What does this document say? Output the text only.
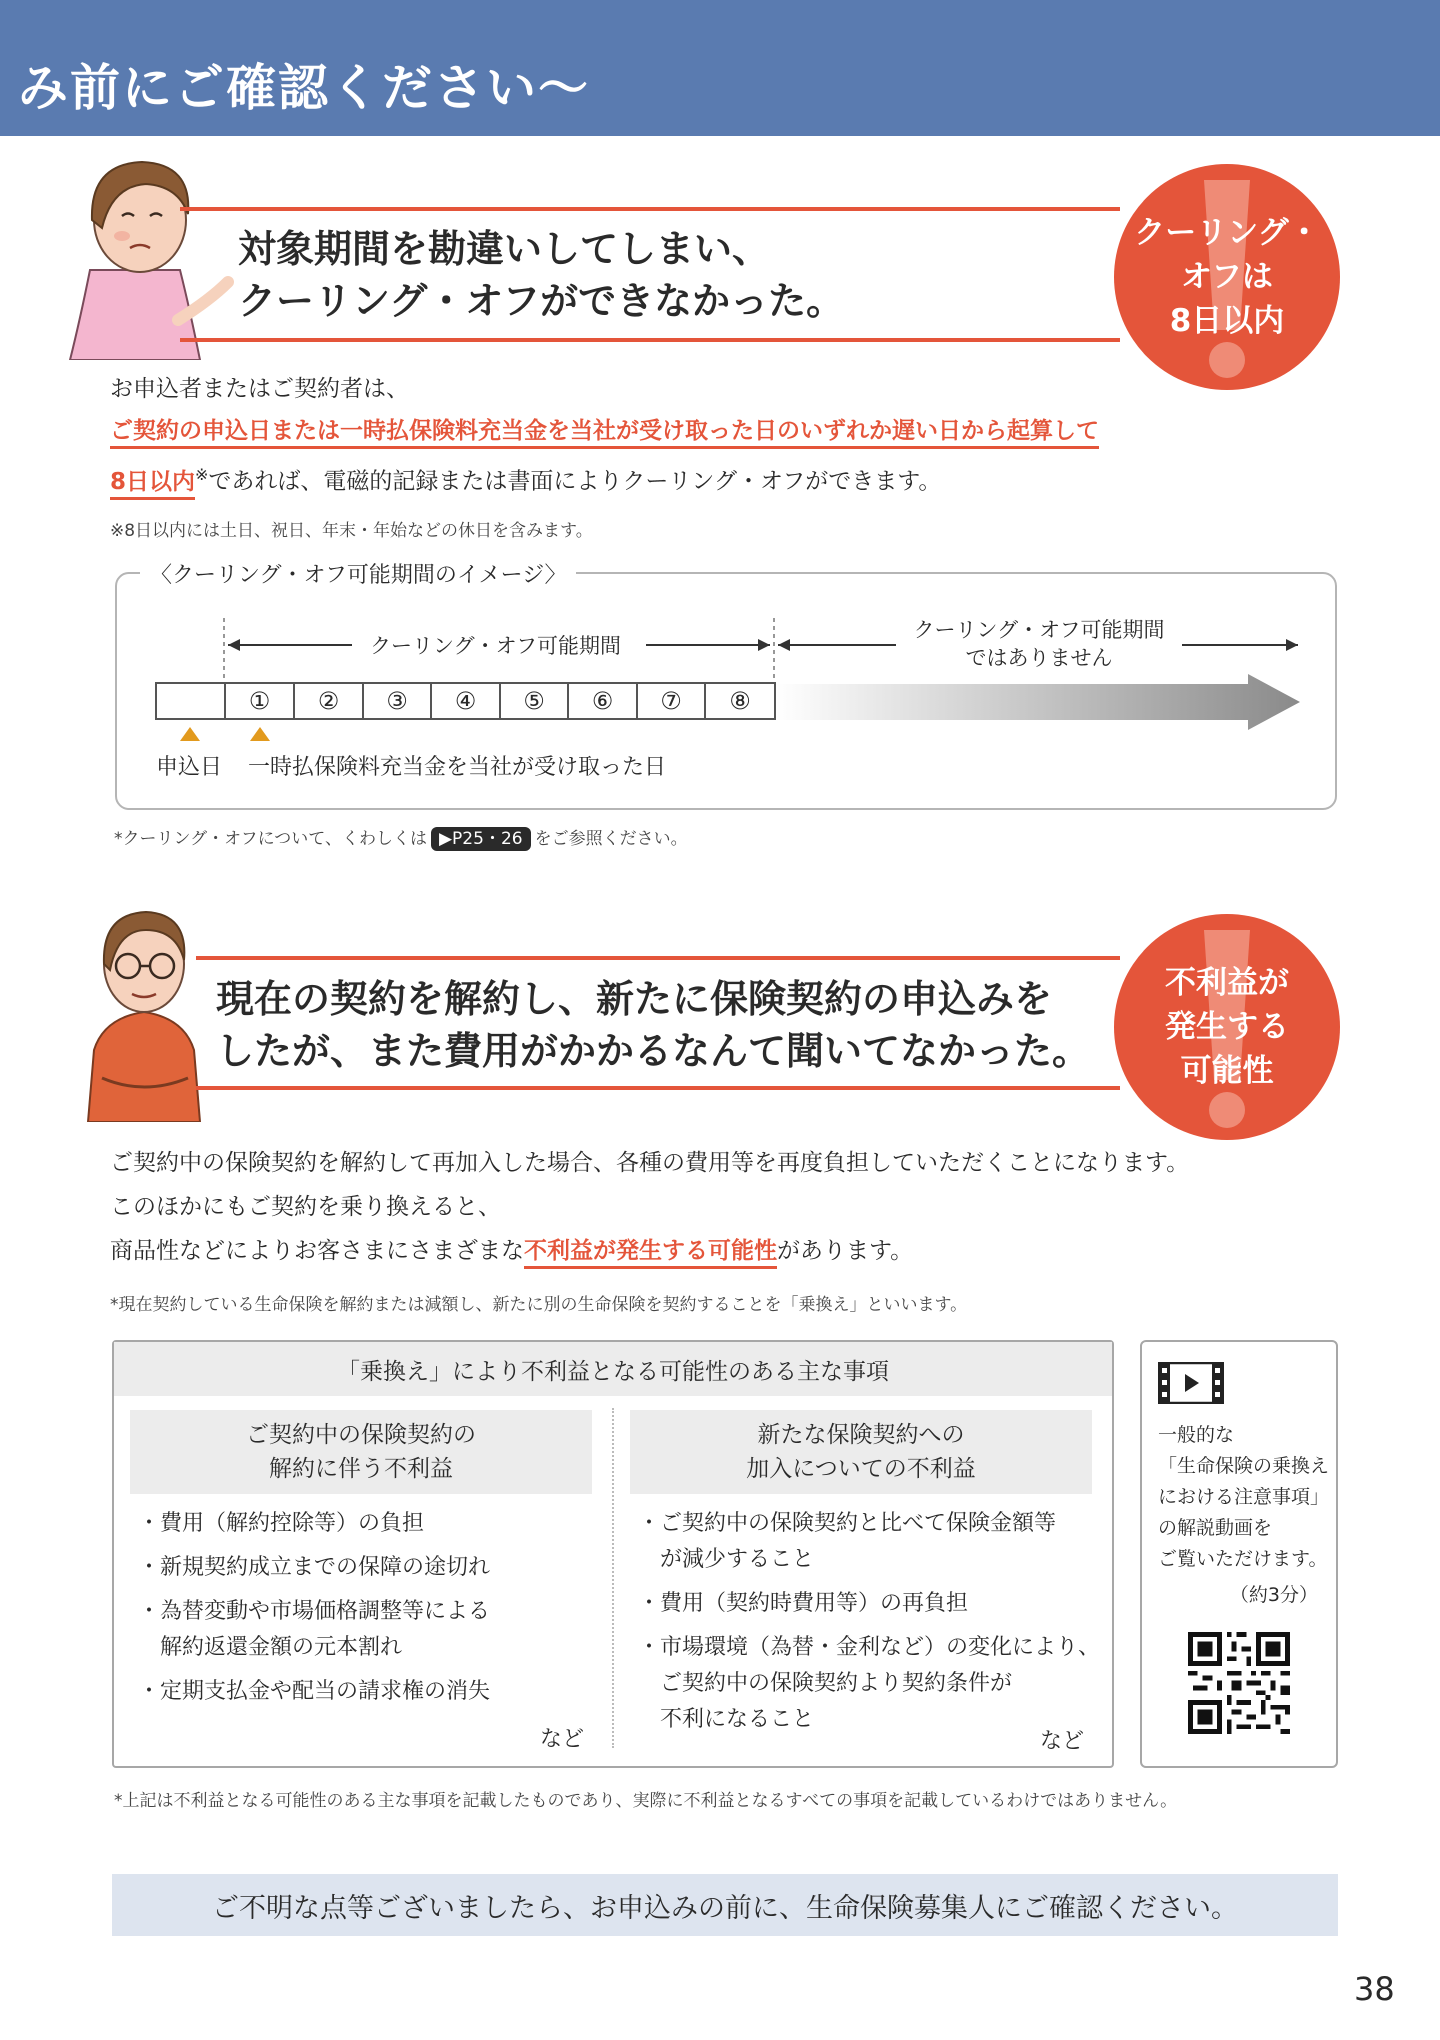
み前にご確認ください～
対象期間を勘違いしてしまい、
クーリング・オフができなかった。
クーリング・
オフは
8日以内
お申込者またはご契約者は、
ご契約の申込日または一時払保険料充当金を当社が受け取った日のいずれか遅い日から起算して
8日以内※であれば、電磁的記録または書面によりクーリング・オフができます。
※8日以内には土日、祝日、年末・年始などの休日を含みます。
〈クーリング・オフ可能期間のイメージ〉
クーリング・オフ可能期間
クーリング・オフ可能期間
ではありません
①	②	③	④	⑤	⑥	⑦	⑧
申込日 一時払保険料充当金を当社が受け取った日
*クーリング・オフについて、くわしくは ▶P25・26 をご参照ください。
現在の契約を解約し、新たに保険契約の申込みを
したが、また費用がかかるなんて聞いてなかった。
不利益が
発生する
可能性
ご契約中の保険契約を解約して再加入した場合、各種の費用等を再度負担していただくことになります。
このほかにもご契約を乗り換えると、
商品性などによりお客さまにさまざまな不利益が発生する可能性があります。
*現在契約している生命保険を解約または減額し、新たに別の生命保険を契約することを「乗換え」といいます。
「乗換え」により不利益となる可能性のある主な事項
ご契約中の保険契約の
解約に伴う不利益
新たな保険契約への
加入についての不利益
・ 費用（解約控除等）の負担
・ 新規契約成立までの保障の途切れ
・ 為替変動や市場価格調整等による
解約返還金額の元本割れ
・ 定期支払金や配当の請求権の消失
など
・ ご契約中の保険契約と比べて保険金額等
が減少すること
・ 費用（契約時費用等）の再負担
・ 市場環境（為替・金利など）の変化により、
ご契約中の保険契約より契約条件が
不利になること
など
一般的な
「生命保険の乗換え
における注意事項」
の解説動画を
ご覧いただけます。
（約3分）
*上記は不利益となる可能性のある主な事項を記載したものであり、実際に不利益となるすべての事項を記載しているわけではありません。
ご不明な点等ございましたら、お申込みの前に、生命保険募集人にご確認ください。
38
